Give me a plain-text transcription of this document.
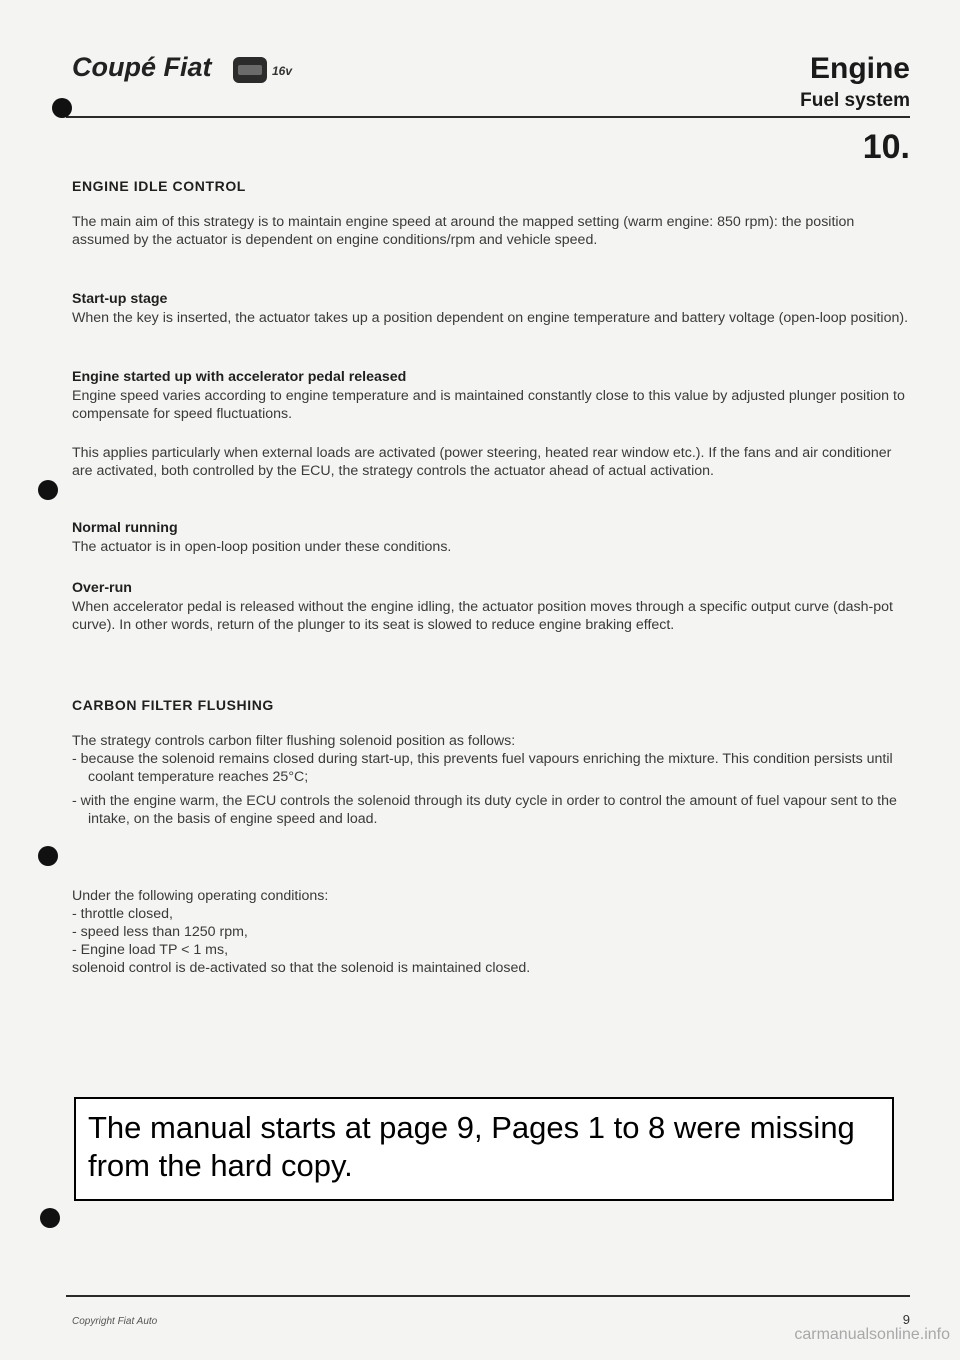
Coupé Fiat	16v	Engine
Fuel system
10.
ENGINE IDLE CONTROL
The main aim of this strategy is to maintain engine speed at around the mapped setting (warm engine: 850 rpm): the position assumed by the actuator is dependent on engine conditions/rpm and vehicle speed.
Start-up stage
When the key is inserted, the actuator takes up a position dependent on engine temperature and battery voltage (open-loop position).
Engine started up with accelerator pedal released
Engine speed varies according to engine temperature and is maintained constantly close to this value by adjusted plunger position to compensate for speed fluctuations.
This applies particularly when external loads are activated (power steering, heated rear window etc.). If the fans and air conditioner are activated, both controlled by the ECU, the strategy controls the actuator ahead of actual activation.
Normal running
The actuator is in open-loop position under these conditions.
Over-run
When accelerator pedal is released without the engine idling, the actuator position moves through a specific output curve (dash-pot curve). In other words, return of the plunger to its seat is slowed to reduce engine braking effect.
CARBON FILTER FLUSHING
The strategy controls carbon filter flushing solenoid position as follows:
- because the solenoid remains closed during start-up, this prevents fuel vapours enriching the mixture. This condition persists until coolant temperature reaches 25°C;
- with the engine warm, the ECU controls the solenoid through its duty cycle in order to control the amount of fuel vapour sent to the intake, on the basis of engine speed and load.
Under the following operating conditions:
- throttle closed,
- speed less than 1250 rpm,
- Engine load TP < 1 ms,
solenoid control is de-activated so that the solenoid is maintained closed.
The manual starts at page 9, Pages 1 to 8 were missing from the hard copy.
Copyright Fiat Auto	9
carmanualsonline.info
